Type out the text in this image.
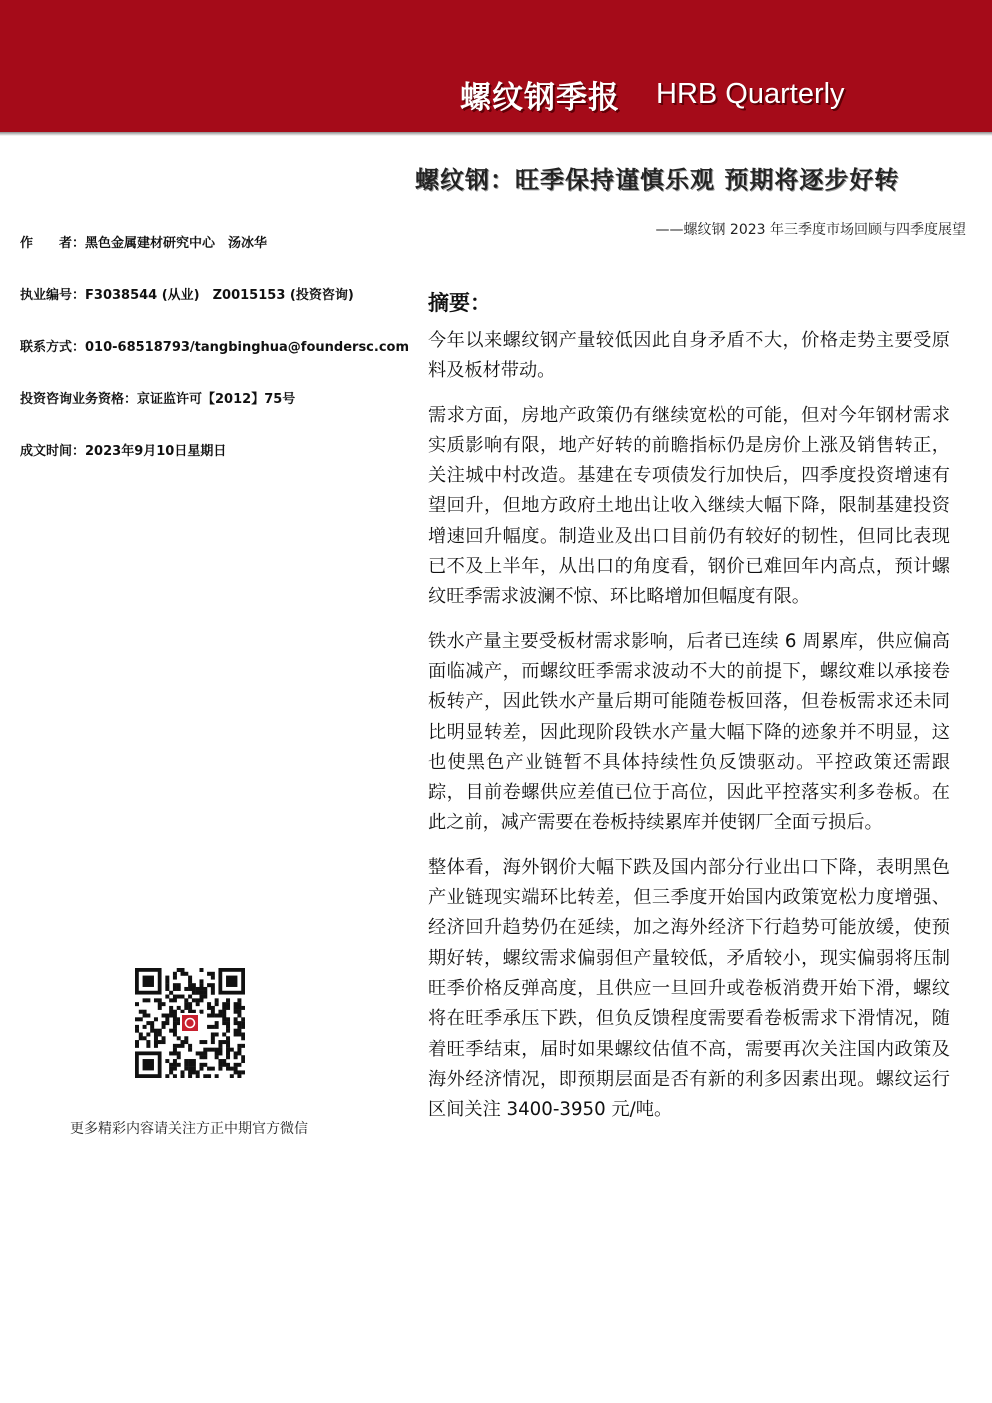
螺纹钢季报 HRB Quarterly
螺纹钢：旺季保持谨慎乐观 预期将逐步好转
——螺纹钢 2023 年三季度市场回顾与四季度展望
作　　者：黑色金属建材研究中心　汤冰华
执业编号：F3038544 (从业)　Z0015153 (投资咨询)
联系方式：010-68518793/tangbinghua@foundersc.com
投资咨询业务资格：京证监许可【2012】75号
成文时间：2023年9月10日星期日
更多精彩内容请关注方正中期官方微信
摘要：

今年以来螺纹钢产量较低因此自身矛盾不大，价格走势主要受原料及板材带动。

需求方面，房地产政策仍有继续宽松的可能，但对今年钢材需求实质影响有限，地产好转的前瞻指标仍是房价上涨及销售转正，关注城中村改造。基建在专项债发行加快后，四季度投资增速有望回升，但地方政府土地出让收入继续大幅下降，限制基建投资增速回升幅度。制造业及出口目前仍有较好的韧性，但同比表现已不及上半年，从出口的角度看，钢价已难回年内高点，预计螺纹旺季需求波澜不惊、环比略增加但幅度有限。

铁水产量主要受板材需求影响，后者已连续 6 周累库，供应偏高面临减产，而螺纹旺季需求波动不大的前提下，螺纹难以承接卷板转产，因此铁水产量后期可能随卷板回落，但卷板需求还未同比明显转差，因此现阶段铁水产量大幅下降的迹象并不明显，这也使黑色产业链暂不具体持续性负反馈驱动。平控政策还需跟踪，目前卷螺供应差值已位于高位，因此平控落实利多卷板。在此之前，减产需要在卷板持续累库并使钢厂全面亏损后。

整体看，海外钢价大幅下跌及国内部分行业出口下降，表明黑色产业链现实端环比转差，但三季度开始国内政策宽松力度增强、经济回升趋势仍在延续，加之海外经济下行趋势可能放缓，使预期好转，螺纹需求偏弱但产量较低，矛盾较小，现实偏弱将压制旺季价格反弹高度，且供应一旦回升或卷板消费开始下滑，螺纹将在旺季承压下跌，但负反馈程度需要看卷板需求下滑情况，随着旺季结束，届时如果螺纹估值不高，需要再次关注国内政策及海外经济情况，即预期层面是否有新的利多因素出现。螺纹运行区间关注 3400-3950 元/吨。
